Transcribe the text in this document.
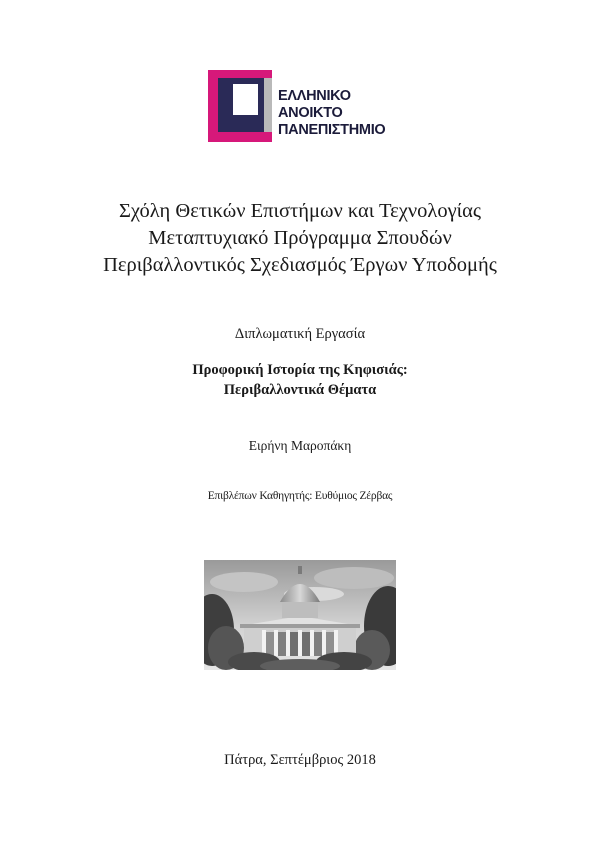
ΕΛΛΗΝΙΚΟ
ΑΝΟΙΚΤΟ
ΠΑΝΕΠΙΣΤΗΜΙΟ
Σχόλη Θετικών Επιστήμων και Τεχνολογίας
Μεταπτυχιακό Πρόγραμμα Σπουδών
Περιβαλλοντικός Σχεδιασμός Έργων Υποδομής
Διπλωματική Εργασία
Προφορική Ιστορία της Κηφισιάς:
Περιβαλλοντικά Θέματα
Ειρήνη Μαροπάκη
Επιβλέπων Καθηγητής: Ευθύμιος Ζέρβας
Πάτρα, Σεπτέμβριος 2018
